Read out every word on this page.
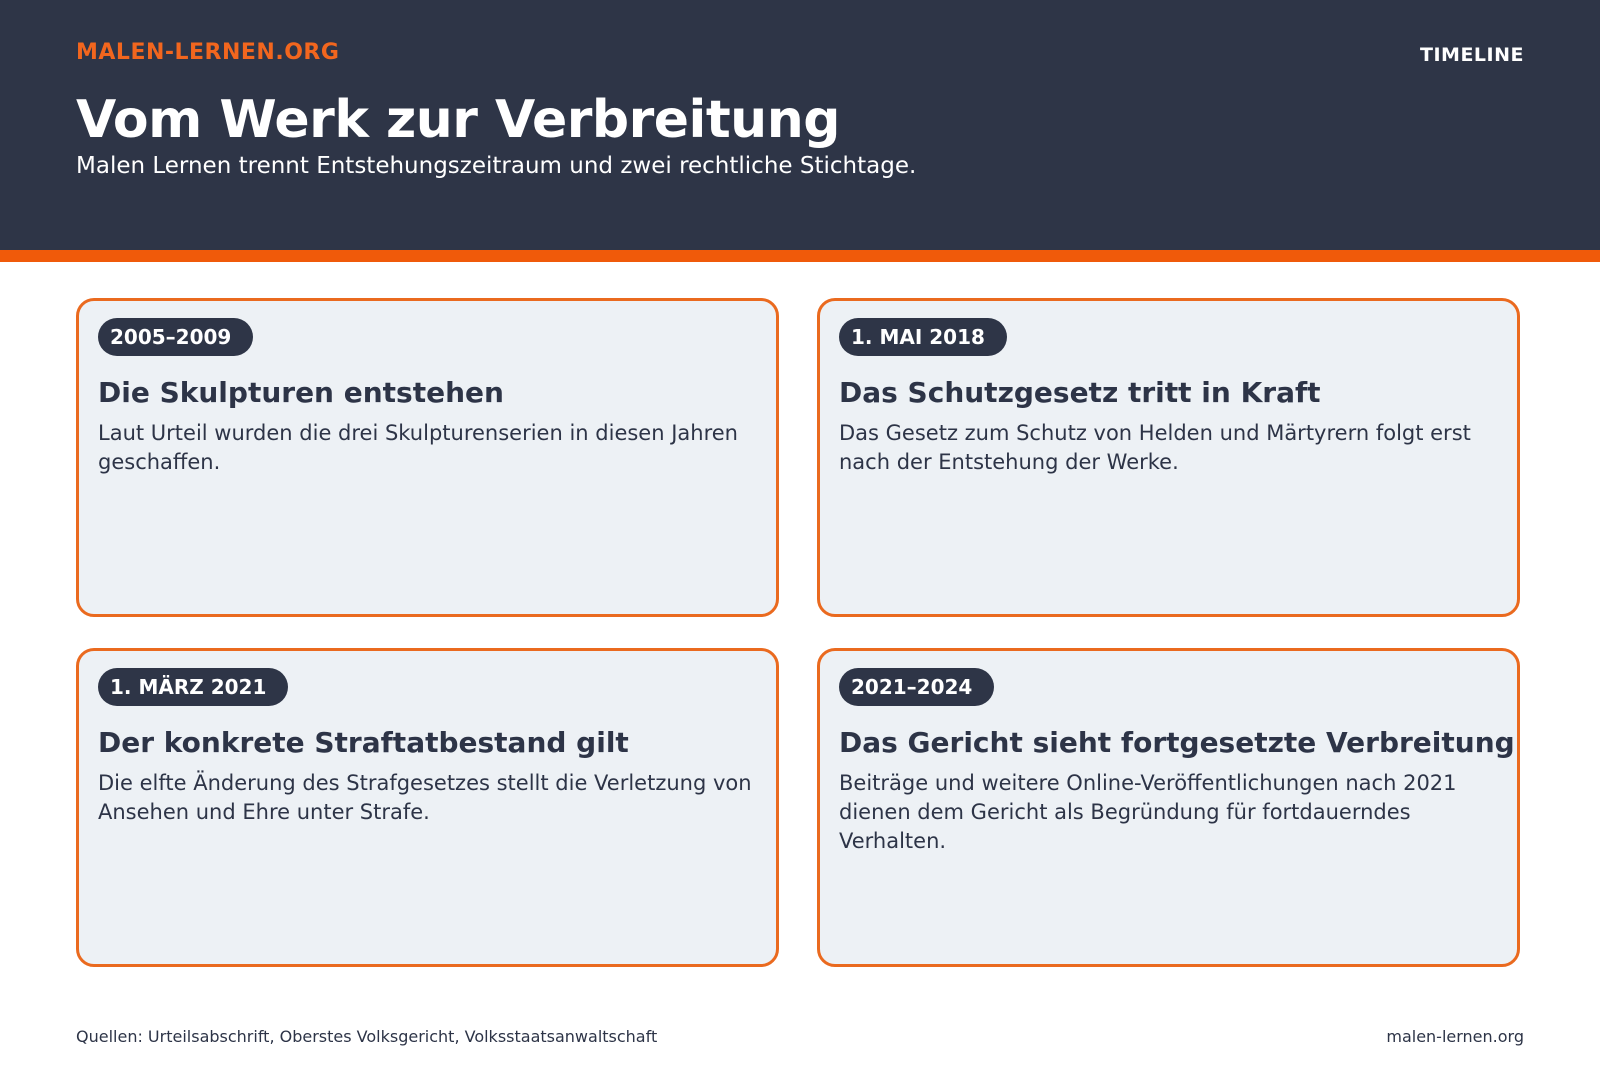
MALEN-LERNEN.ORG	TIMELINE
Vom Werk zur Verbreitung
Malen Lernen trennt Entstehungszeitraum und zwei rechtliche Stichtage.
2005–2009
Die Skulpturen entstehen
Laut Urteil wurden die drei Skulpturenserien in diesen Jahren geschaffen.
1. MAI 2018
Das Schutzgesetz tritt in Kraft
Das Gesetz zum Schutz von Helden und Märtyrern folgt erst nach der Entstehung der Werke.
1. MÄRZ 2021
Der konkrete Straftatbestand gilt
Die elfte Änderung des Strafgesetzes stellt die Verletzung von Ansehen und Ehre unter Strafe.
2021–2024
Das Gericht sieht fortgesetzte Verbreitung
Beiträge und weitere Online-Veröffentlichungen nach 2021 dienen dem Gericht als Begründung für fortdauerndes Verhalten.
Quellen: Urteilsabschrift, Oberstes Volksgericht, Volksstaatsanwaltschaft	malen-lernen.org
